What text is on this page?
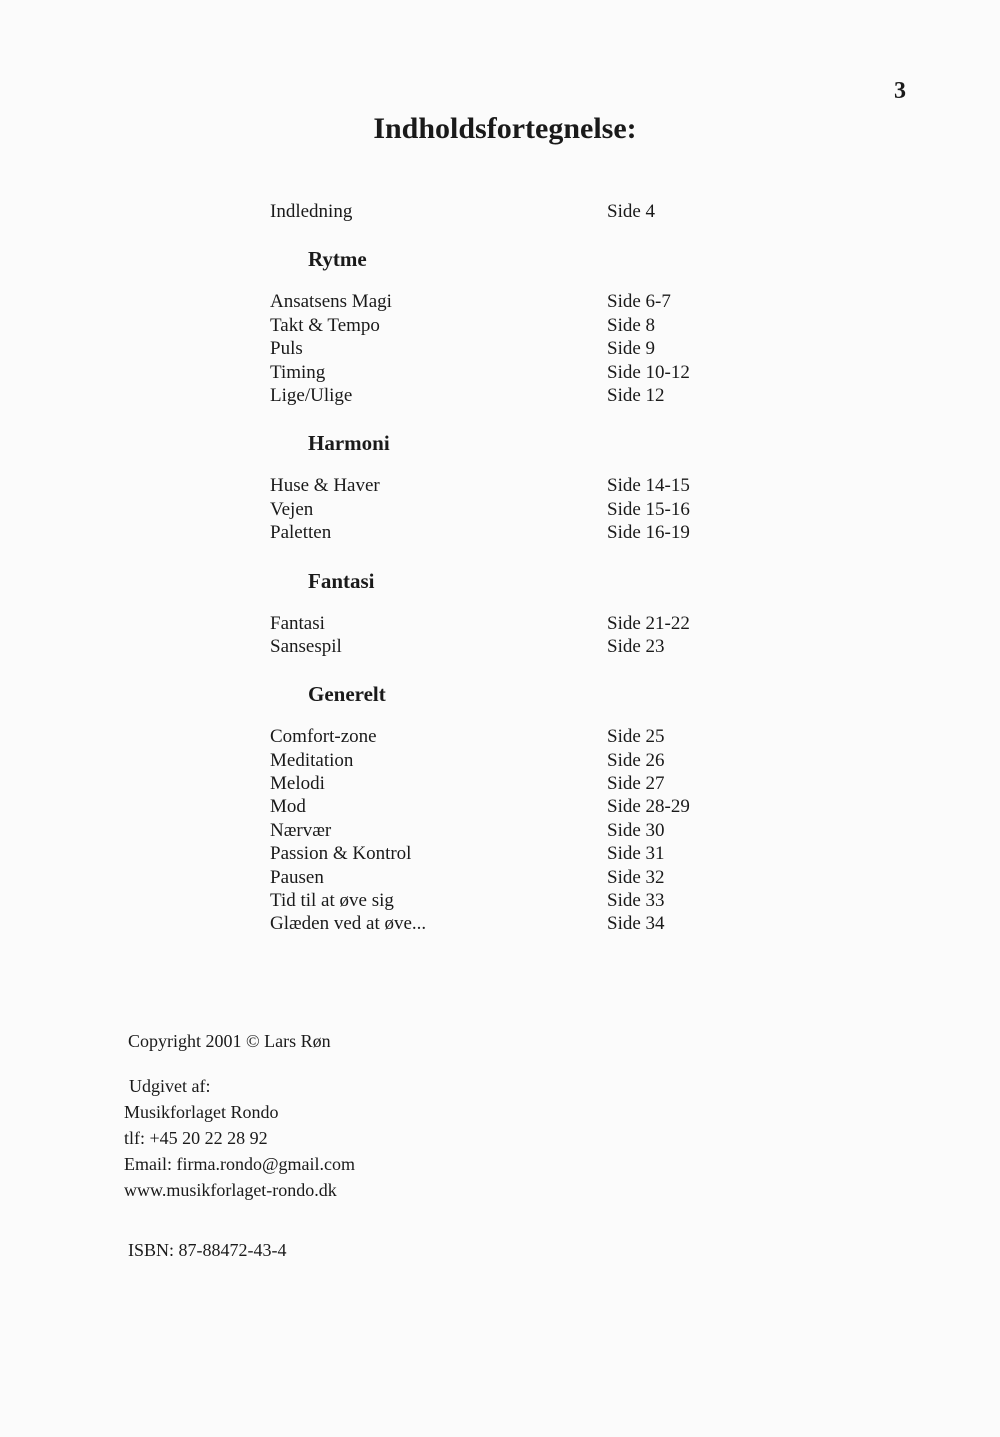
3
Indholdsfortegnelse:
Indledning	Side 4
Rytme
Ansatsens Magi	Side 6-7
Takt & Tempo	Side 8
Puls	Side 9
Timing	Side 10-12
Lige/Ulige	Side 12
Harmoni
Huse & Haver	Side 14-15
Vejen	Side 15-16
Paletten	Side 16-19
Fantasi
Fantasi	Side 21-22
Sansespil	Side 23
Generelt
Comfort-zone	Side 25
Meditation	Side 26
Melodi	Side 27
Mod	Side 28-29
Nærvær	Side 30
Passion & Kontrol	Side 31
Pausen	Side 32
Tid til at øve sig	Side 33
Glæden ved at øve...	Side 34
Copyright 2001 © Lars Røn
Udgivet af:
Musikforlaget Rondo
tlf: +45 20 22 28 92
Email: firma.rondo@gmail.com
www.musikforlaget-rondo.dk
ISBN: 87-88472-43-4
